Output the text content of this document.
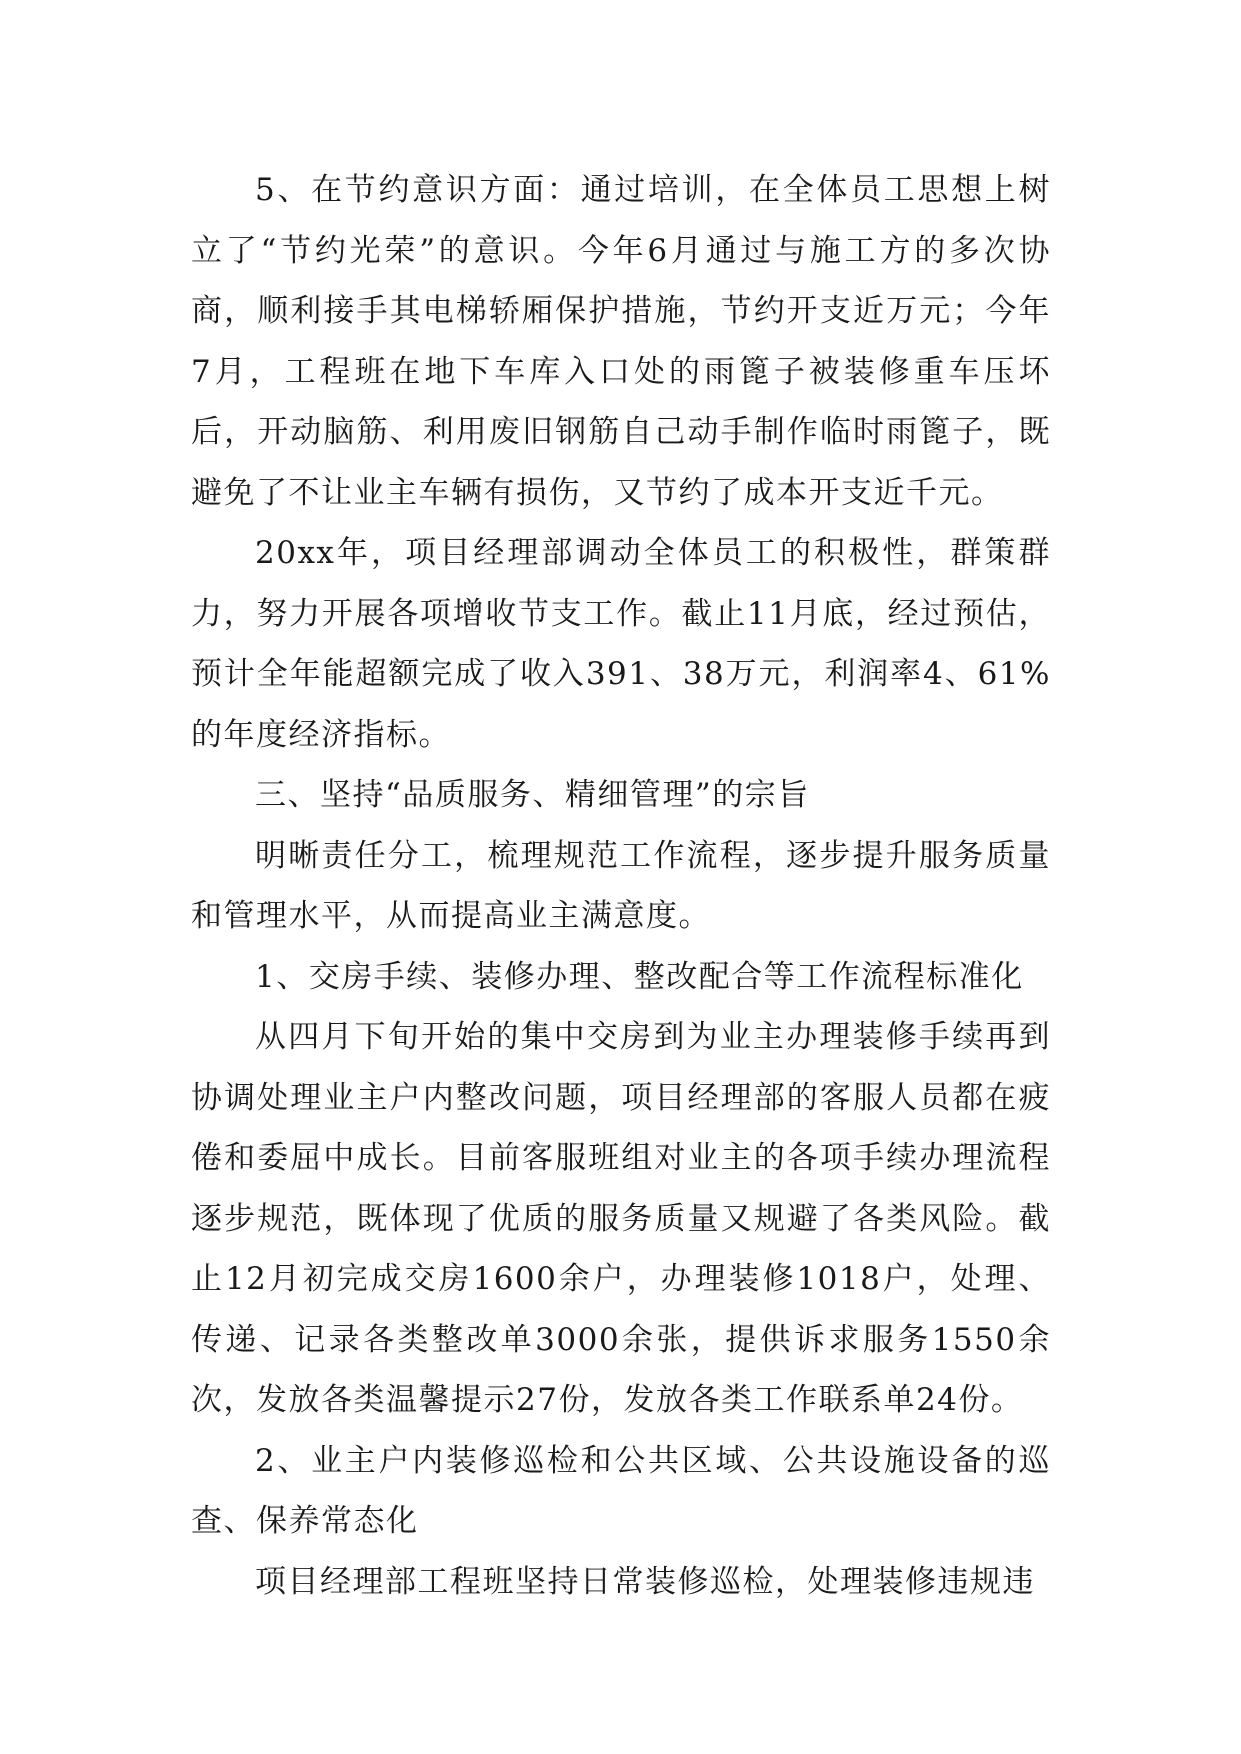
5、在节约意识方面：通过培训，在全体员工思想上树立了“节约光荣”的意识。今年6月通过与施工方的多次协商，顺利接手其电梯轿厢保护措施，节约开支近万元；今年7月，工程班在地下车库入口处的雨篦子被装修重车压坏后，开动脑筋、利用废旧钢筋自己动手制作临时雨篦子，既避免了不让业主车辆有损伤，又节约了成本开支近千元。

20xx年，项目经理部调动全体员工的积极性，群策群力，努力开展各项增收节支工作。截止11月底，经过预估，预计全年能超额完成了收入391、38万元，利润率4、61%的年度经济指标。

三、坚持“品质服务、精细管理”的宗旨

明晰责任分工，梳理规范工作流程，逐步提升服务质量和管理水平，从而提高业主满意度。

1、交房手续、装修办理、整改配合等工作流程标准化

从四月下旬开始的集中交房到为业主办理装修手续再到协调处理业主户内整改问题，项目经理部的客服人员都在疲倦和委屈中成长。目前客服班组对业主的各项手续办理流程逐步规范，既体现了优质的服务质量又规避了各类风险。截止12月初完成交房1600余户，办理装修1018户，处理、传递、记录各类整改单3000余张，提供诉求服务1550余次，发放各类温馨提示27份，发放各类工作联系单24份。

2、业主户内装修巡检和公共区域、公共设施设备的巡查、保养常态化

项目经理部工程班坚持日常装修巡检，处理装修违规违
